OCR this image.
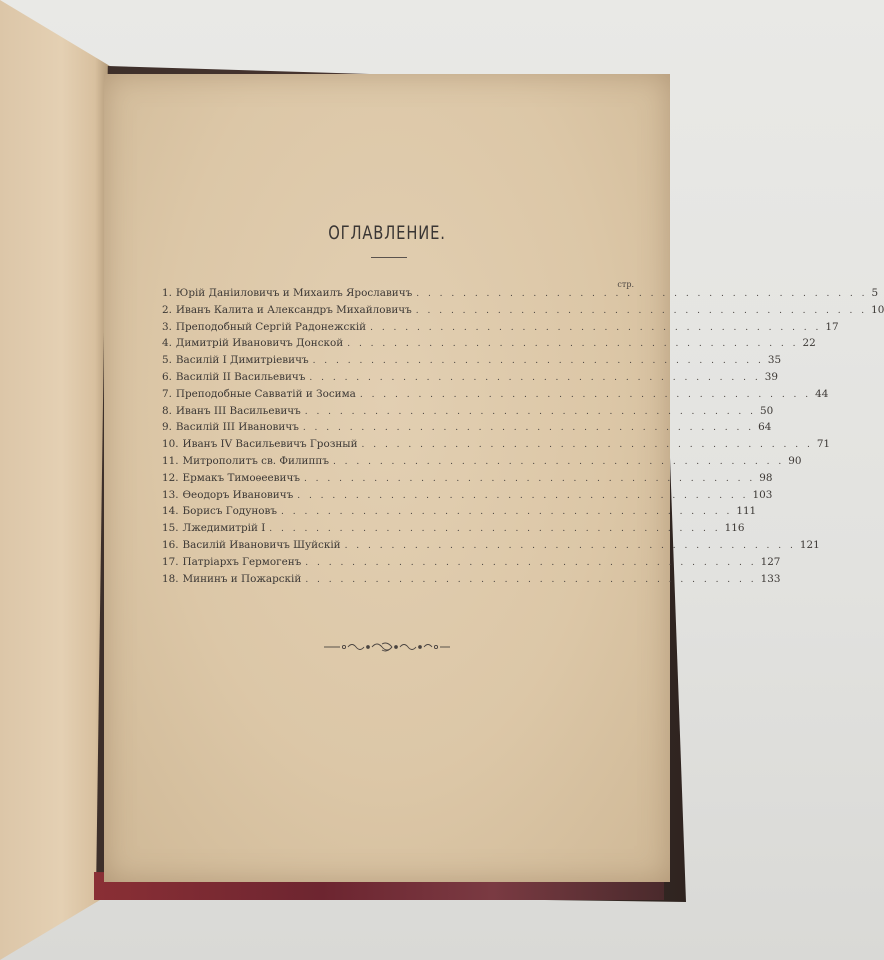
ОГЛАВЛЕНИЕ.
стр.
1. Юрій Даніиловичъ и Михаилъ Ярославичъ . . . . . . . . . . . . . . . . . . . . . . . . . . . . . . . . . . . . . . . 5
2. Иванъ Калита и Александръ Михайловичъ . . . . . . . . . . . . . . . . . . . . . . . . . . . . . . . . . . . . . . . 10
3. Преподобный Сергій Радонежскій . . . . . . . . . . . . . . . . . . . . . . . . . . . . . . . . . . . . . . . 17
4. Димитрій Ивановичъ Донской . . . . . . . . . . . . . . . . . . . . . . . . . . . . . . . . . . . . . . . 22
5. Василій I Димитріевичъ . . . . . . . . . . . . . . . . . . . . . . . . . . . . . . . . . . . . . . . 35
6. Василій II Васильевичъ . . . . . . . . . . . . . . . . . . . . . . . . . . . . . . . . . . . . . . . 39
7. Преподобные Савватій и Зосима . . . . . . . . . . . . . . . . . . . . . . . . . . . . . . . . . . . . . . . 44
8. Иванъ III Васильевичъ . . . . . . . . . . . . . . . . . . . . . . . . . . . . . . . . . . . . . . . 50
9. Василій III Ивановичъ . . . . . . . . . . . . . . . . . . . . . . . . . . . . . . . . . . . . . . . 64
10. Иванъ IV Васильевичъ Грозный . . . . . . . . . . . . . . . . . . . . . . . . . . . . . . . . . . . . . . . 71
11. Митрополитъ св. Филиппъ . . . . . . . . . . . . . . . . . . . . . . . . . . . . . . . . . . . . . . . 90
12. Ермакъ Тимоѳеевичъ . . . . . . . . . . . . . . . . . . . . . . . . . . . . . . . . . . . . . . . 98
13. Ѳеодоръ Ивановичъ . . . . . . . . . . . . . . . . . . . . . . . . . . . . . . . . . . . . . . . 103
14. Борисъ Годуновъ . . . . . . . . . . . . . . . . . . . . . . . . . . . . . . . . . . . . . . . 111
15. Лжедимитрій I . . . . . . . . . . . . . . . . . . . . . . . . . . . . . . . . . . . . . . . 116
16. Василій Ивановичъ Шуйскій . . . . . . . . . . . . . . . . . . . . . . . . . . . . . . . . . . . . . . . 121
17. Патріархъ Гермогенъ . . . . . . . . . . . . . . . . . . . . . . . . . . . . . . . . . . . . . . . 127
18. Мининъ и Пожарскій . . . . . . . . . . . . . . . . . . . . . . . . . . . . . . . . . . . . . . . 133
